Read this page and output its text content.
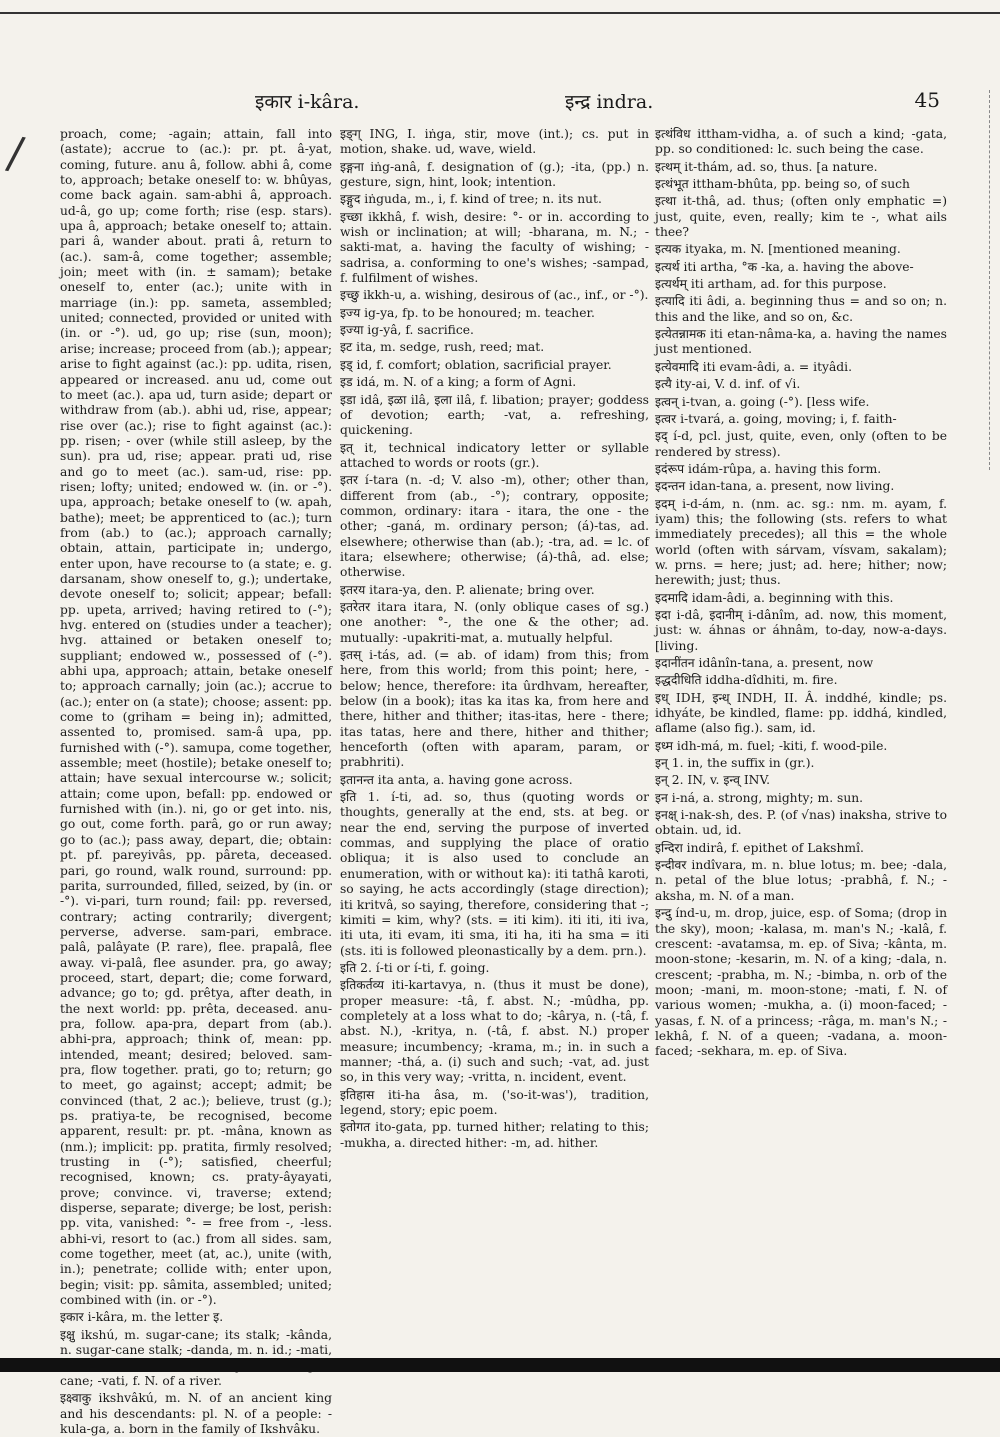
/
इकार i-kâra.	इन्द्र indra.	45

proach, come; -again; attain, fall into (astate); accrue to (ac.): pr. pt. â-yat, coming, future. anu â, follow. abhi â, come to, approach; betake oneself to: w. bhûyas, come back again. sam-abhi â, approach. ud-â, go up; come forth; rise (esp. stars). upa â, approach; betake oneself to; attain. pari â, wander about. prati â, return to (ac.). sam-â, come together; assemble; join; meet with (in. ± samam); betake oneself to, enter (ac.); unite with in marriage (in.): pp. sameta, assembled; united; connected, provided or united with (in. or -°). ud, go up; rise (sun, moon); arise; increase; proceed from (ab.); appear; arise to fight against (ac.): pp. udita, risen, appeared or increased. anu ud, come out to meet (ac.). apa ud, turn aside; depart or withdraw from (ab.). abhi ud, rise, appear; rise over (ac.); rise to fight against (ac.): pp. risen; - over (while still asleep, by the sun). pra ud, rise; appear. prati ud, rise and go to meet (ac.). sam-ud, rise: pp. risen; lofty; united; endowed w. (in. or -°). upa, approach; betake oneself to (w. apah, bathe); meet; be apprenticed to (ac.); turn from (ab.) to (ac.); approach carnally; obtain, attain, participate in; undergo, enter upon, have recourse to (a state; e. g. darsanam, show oneself to, g.); undertake, devote oneself to; solicit; appear; befall: pp. upeta, arrived; having retired to (-°); hvg. entered on (studies under a teacher); hvg. attained or betaken oneself to; suppliant; endowed w., possessed of (-°). abhi upa, approach; attain, betake oneself to; approach carnally; join (ac.); accrue to (ac.); enter on (a state); choose; assent: pp. come to (griham = being in); admitted, assented to, promised. sam-â upa, pp. furnished with (-°). samupa, come together, assemble; meet (hostile); betake oneself to; attain; have sexual intercourse w.; solicit; attain; come upon, befall: pp. endowed or furnished with (in.). ni, go or get into. nis, go out, come forth. parâ, go or run away; go to (ac.); pass away, depart, die; obtain: pt. pf. pareyivâs, pp. pâreta, deceased. pari, go round, walk round, surround: pp. parita, surrounded, filled, seized, by (in. or -°). vi-pari, turn round; fail: pp. reversed, contrary; acting contrarily; divergent; perverse, adverse. sam-pari, embrace. palâ, palâyate (P. rare), flee. prapalâ, flee away. vi-palâ, flee asunder. pra, go away; proceed, start, depart; die; come forward, advance; go to; gd. prêtya, after death, in the next world: pp. prêta, deceased. anu-pra, follow. apa-pra, depart from (ab.). abhi-pra, approach; think of, mean: pp. intended, meant; desired; beloved. sam-pra, flow together. prati, go to; return; go to meet, go against; accept; admit; be convinced (that, 2 ac.); believe, trust (g.); ps. pratiya-te, be recognised, become apparent, result: pr. pt. -mâna, known as (nm.); implicit: pp. pratita, firmly resolved; trusting in (-°); satisfied, cheerful; recognised, known; cs. praty-âyayati, prove; convince. vi, traverse; extend; disperse, separate; diverge; be lost, perish: pp. vita, vanished: °- = free from -, -less. abhi-vi, resort to (ac.) from all sides. sam, come together, meet (at, ac.), unite (with, in.); penetrate; collide with; enter upon, begin; visit: pp. sâmita, assembled; united; combined with (in. or -°).

इकार i-kâra, m. the letter इ.

इक्षु ikshú, m. sugar-cane; its stalk; -kânda, n. sugar-cane stalk; -danda, m. n. id.; -mati, cane; -vati, f. N. of a river.

इक्ष्वाकु ikshvâkú, m. N. of an ancient king and his descendants: pl. N. of a people: -kula-ga, a. born in the family of Ikshvâku.

इङ्ग् ING, I. iṅga, stir, move (int.); cs. put in motion, shake. ud, wave, wield.

इङ्गना iṅg-anâ, f. designation of (g.); -ita, (pp.) n. gesture, sign, hint, look; intention.

इङ्गुद iṅguda, m., i, f. kind of tree; n. its nut.

इच्छा ikkhâ, f. wish, desire: °- or in. according to wish or inclination; at will; -bharana, m. N.; -sakti-mat, a. having the faculty of wishing; -sadrisa, a. conforming to one's wishes; -sampad, f. fulfilment of wishes.

इच्छु ikkh-u, a. wishing, desirous of (ac., inf., or -°).

इज्य ig-ya, fp. to be honoured; m. teacher.

इज्या ig-yâ, f. sacrifice.

इट ita, m. sedge, rush, reed; mat.

इड् id, f. comfort; oblation, sacrificial prayer.

इड idá, m. N. of a king; a form of Agni.

इडा idâ, इळा ilâ, इला ilâ, f. libation; prayer; goddess of devotion; earth; -vat, a. refreshing, quickening.

इत् it, technical indicatory letter or syllable attached to words or roots (gr.).

इतर í-tara (n. -d; V. also -m), other; other than, different from (ab., -°); contrary, opposite; common, ordinary: itara - itara, the one - the other; -ganá, m. ordinary person; (á)-tas, ad. elsewhere; otherwise than (ab.); -tra, ad. = lc. of itara; elsewhere; otherwise; (á)-thâ, ad. else; otherwise.

इतरय itara-ya, den. P. alienate; bring over.

इतरेतर itara itara, N. (only oblique cases of sg.) one another: °-, the one & the other; ad. mutually: -upakriti-mat, a. mutually helpful.

इतस् i-tás, ad. (= ab. of idam) from this; from here, from this world; from this point; here, - below; hence, therefore: ita ûrdhvam, hereafter, below (in a book); itas ka itas ka, from here and there, hither and thither; itas-itas, here - there; itas tatas, here and there, hither and thither; henceforth (often with aparam, param, or prabhriti).

इतानन्त ita anta, a. having gone across.

इति 1. í-ti, ad. so, thus (quoting words or thoughts, generally at the end, sts. at beg. or near the end, serving the purpose of inverted commas, and supplying the place of oratio obliqua; it is also used to conclude an enumeration, with or without ka): iti tathâ karoti, so saying, he acts accordingly (stage direction); iti kritvâ, so saying, therefore, considering that -; kimiti = kim, why? (sts. = iti kim). iti iti, iti iva, iti uta, iti evam, iti sma, iti ha, iti ha sma = iti (sts. iti is followed pleonastically by a dem. prn.).

इति 2. í-ti or í-ti, f. going.

इतिकर्तव्य iti-kartavya, n. (thus it must be done), proper measure: -tâ, f. abst. N.; -mûdha, pp. completely at a loss what to do; -kârya, n. (-tâ, f. abst. N.), -kritya, n. (-tâ, f. abst. N.) proper measure; incumbency; -krama, m.; in. in such a manner; -thá, a. (i) such and such; -vat, ad. just so, in this very way; -vritta, n. incident, event.

इतिहास iti-ha âsa, m. ('so-it-was'), tradition, legend, story; epic poem.

इतोगत ito-gata, pp. turned hither; relating to this; -mukha, a. directed hither: -m, ad. hither.

इत्थंविध ittham-vidha, a. of such a kind; -gata, pp. so conditioned: lc. such being the case.

इत्थम् it-thám, ad. so, thus. [a nature.

इत्थंभूत ittham-bhûta, pp. being so, of such

इत्था it-thâ, ad. thus; (often only emphatic =) just, quite, even, really; kim te -, what ails thee?

इत्यक ityaka, m. N. [mentioned meaning.

इत्यर्थ iti artha, °क -ka, a. having the above-

इत्यर्थम् iti artham, ad. for this purpose.

इत्यादि iti âdi, a. beginning thus = and so on; n. this and the like, and so on, &c.

इत्येतन्नामक iti etan-nâma-ka, a. having the names just mentioned.

इत्येवमादि iti evam-âdi, a. = ityâdi.

इत्यै ity-ai, V. d. inf. of √i.

इत्वन् i-tvan, a. going (-°). [less wife.

इत्वर i-tvará, a. going, moving; i, f. faith-

इद् í-d, pcl. just, quite, even, only (often to be rendered by stress).

इदंरूप idám-rûpa, a. having this form.

इदन्तन idan-tana, a. present, now living.

इदम् i-d-ám, n. (nm. ac. sg.: nm. m. ayam, f. iyam) this; the following (sts. refers to what immediately precedes); all this = the whole world (often with sárvam, vísvam, sakalam); w. prns. = here; just; ad. here; hither; now; herewith; just; thus.

इदमादि idam-âdi, a. beginning with this.

इदा i-dâ, इदानीम् i-dânîm, ad. now, this moment, just: w. áhnas or áhnâm, to-day, now-a-days. [living.

इदानींतन idânîn-tana, a. present, now

इद्धदीधिति iddha-dîdhiti, m. fire.

इध् IDH, इन्ध् INDH, II. Â. inddhé, kindle; ps. idhyáte, be kindled, flame: pp. iddhá, kindled, aflame (also fig.). sam, id.

इध्म idh-má, m. fuel; -kiti, f. wood-pile.

इन् 1. in, the suffix in (gr.).

इन् 2. IN, v. इन्व् INV.

इन i-ná, a. strong, mighty; m. sun.

इनक्ष् i-nak-sh, des. P. (of √nas) inaksha, strive to obtain. ud, id.

इन्दिरा indirâ, f. epithet of Lakshmî.

इन्दीवर indîvara, m. n. blue lotus; m. bee; -dala, n. petal of the blue lotus; -prabhâ, f. N.; -aksha, m. N. of a man.

इन्दु índ-u, m. drop, juice, esp. of Soma; (drop in the sky), moon; -kalasa, m. man's N.; -kalâ, f. crescent: -avatamsa, m. ep. of Siva; -kânta, m. moon-stone; -kesarin, m. N. of a king; -dala, n. crescent; -prabha, m. N.; -bimba, n. orb of the moon; -mani, m. moon-stone; -mati, f. N. of various women; -mukha, a. (i) moon-faced; -yasas, f. N. of a princess; -râga, m. man's N.; -lekhâ, f. N. of a queen; -vadana, a. moon-faced; -sekhara, m. ep. of Siva.
